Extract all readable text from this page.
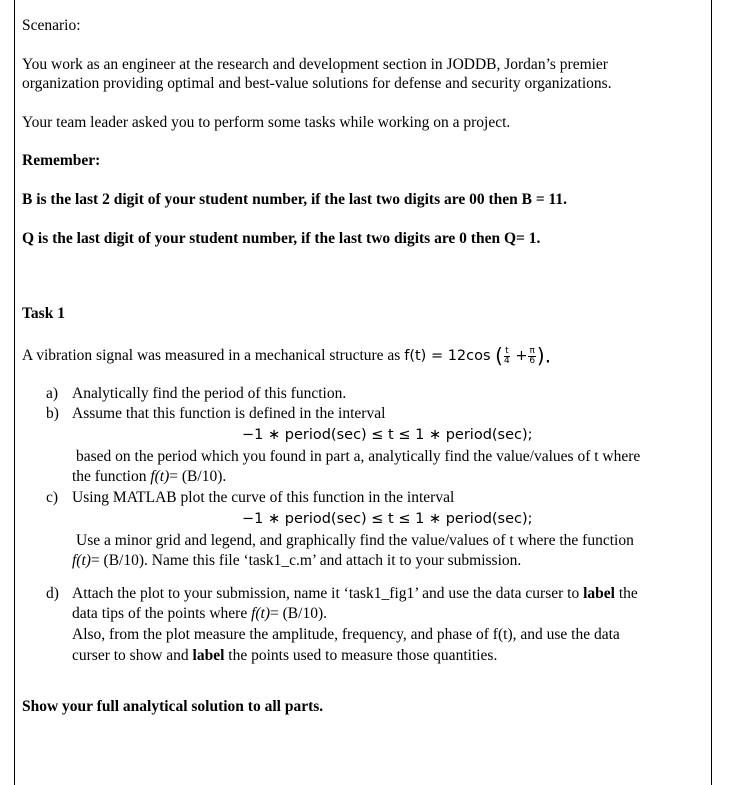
Scenario:
You work as an engineer at the research and development section in JODDB, Jordan’s premier
organization providing optimal and best-value solutions for defense and security organizations.
Your team leader asked you to perform some tasks while working on a project.
Remember:
B is the last 2 digit of your student number, if the last two digits are 00 then B = 11.
Q is the last digit of your student number, if the last two digits are 0 then Q= 1.
Task 1
A vibration signal was measured in a mechanical structure as f(t) = 12cos ( $\frac{t}{4} + \frac{\pi}{6}$ ).
a) Analytically find the period of this function.
b) Assume that this function is defined in the interval
−1 ∗ period(sec) ≤ t ≤ 1 ∗ period(sec);
based on the period which you found in part a, analytically find the value/values of t where
the function f(t)= (B/10).
c) Using MATLAB plot the curve of this function in the interval
−1 ∗ period(sec) ≤ t ≤ 1 ∗ period(sec);
Use a minor grid and legend, and graphically find the value/values of t where the function
f(t)= (B/10). Name this file ‘task1_c.m’ and attach it to your submission.
d) Attach the plot to your submission, name it ‘task1_fig1’ and use the data curser to label the
data tips of the points where f(t)= (B/10).
Also, from the plot measure the amplitude, frequency, and phase of f(t), and use the data
curser to show and label the points used to measure those quantities.
Show your full analytical solution to all parts.
